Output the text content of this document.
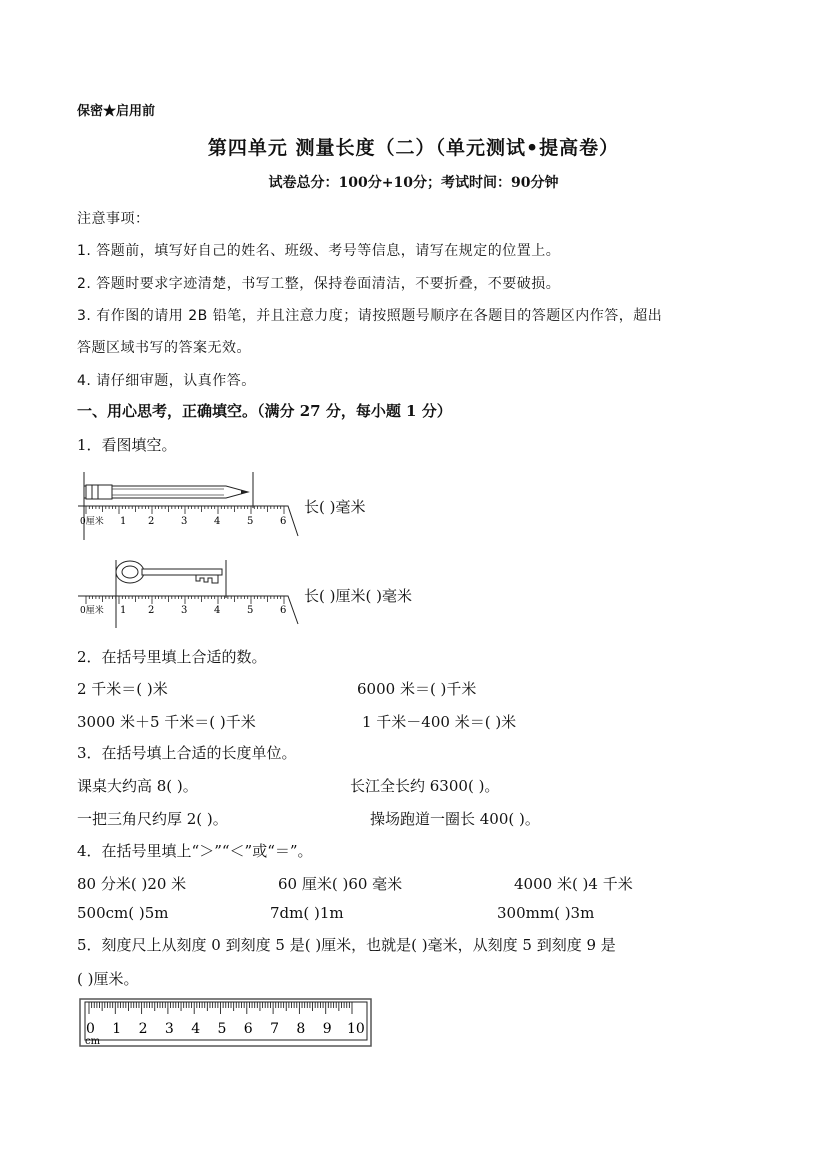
保密★启用前
第四单元 测量长度（二）（单元测试•提高卷）
试卷总分：100分+10分；考试时间：90分钟
注意事项：
1. 答题前，填写好自己的姓名、班级、考号等信息，请写在规定的位置上。
2. 答题时要求字迹清楚，书写工整，保持卷面清洁，不要折叠，不要破损。
3. 有作图的请用 2B 铅笔，并且注意力度；请按照题号顺序在各题目的答题区内作答，超出
答题区域书写的答案无效。
4. 请仔细审题，认真作答。
一、用心思考，正确填空。（满分 27 分，每小题 1 分）
1．看图填空。
0厘米 1 2	3	4	5	6
长( )毫米
0厘米 1 2	3	4	5	6
长( )厘米( )毫米
2．在括号里填上合适的数。
2 千米＝( )米	6000 米＝( )千米
3000 米＋5 千米＝( )千米	1 千米－400 米＝( )米
3．在括号填上合适的长度单位。
课桌大约高 8( )。	长江全长约 6300( )。
一把三角尺约厚 2( )。	操场跑道一圈长 400( )。
4．在括号里填上“＞”“＜”或“＝”。
80 分米( )20 米	60 厘米( )60 毫米	4000 米( )4 千米
500cm( )5m	7dm( )1m	300mm( )3m
5．刻度尺上从刻度 0 到刻度 5 是( )厘米，也就是( )毫米，从刻度 5 到刻度 9 是
( )厘米。
0 1 2 3 4 5 6 7 8 9 10
cm
